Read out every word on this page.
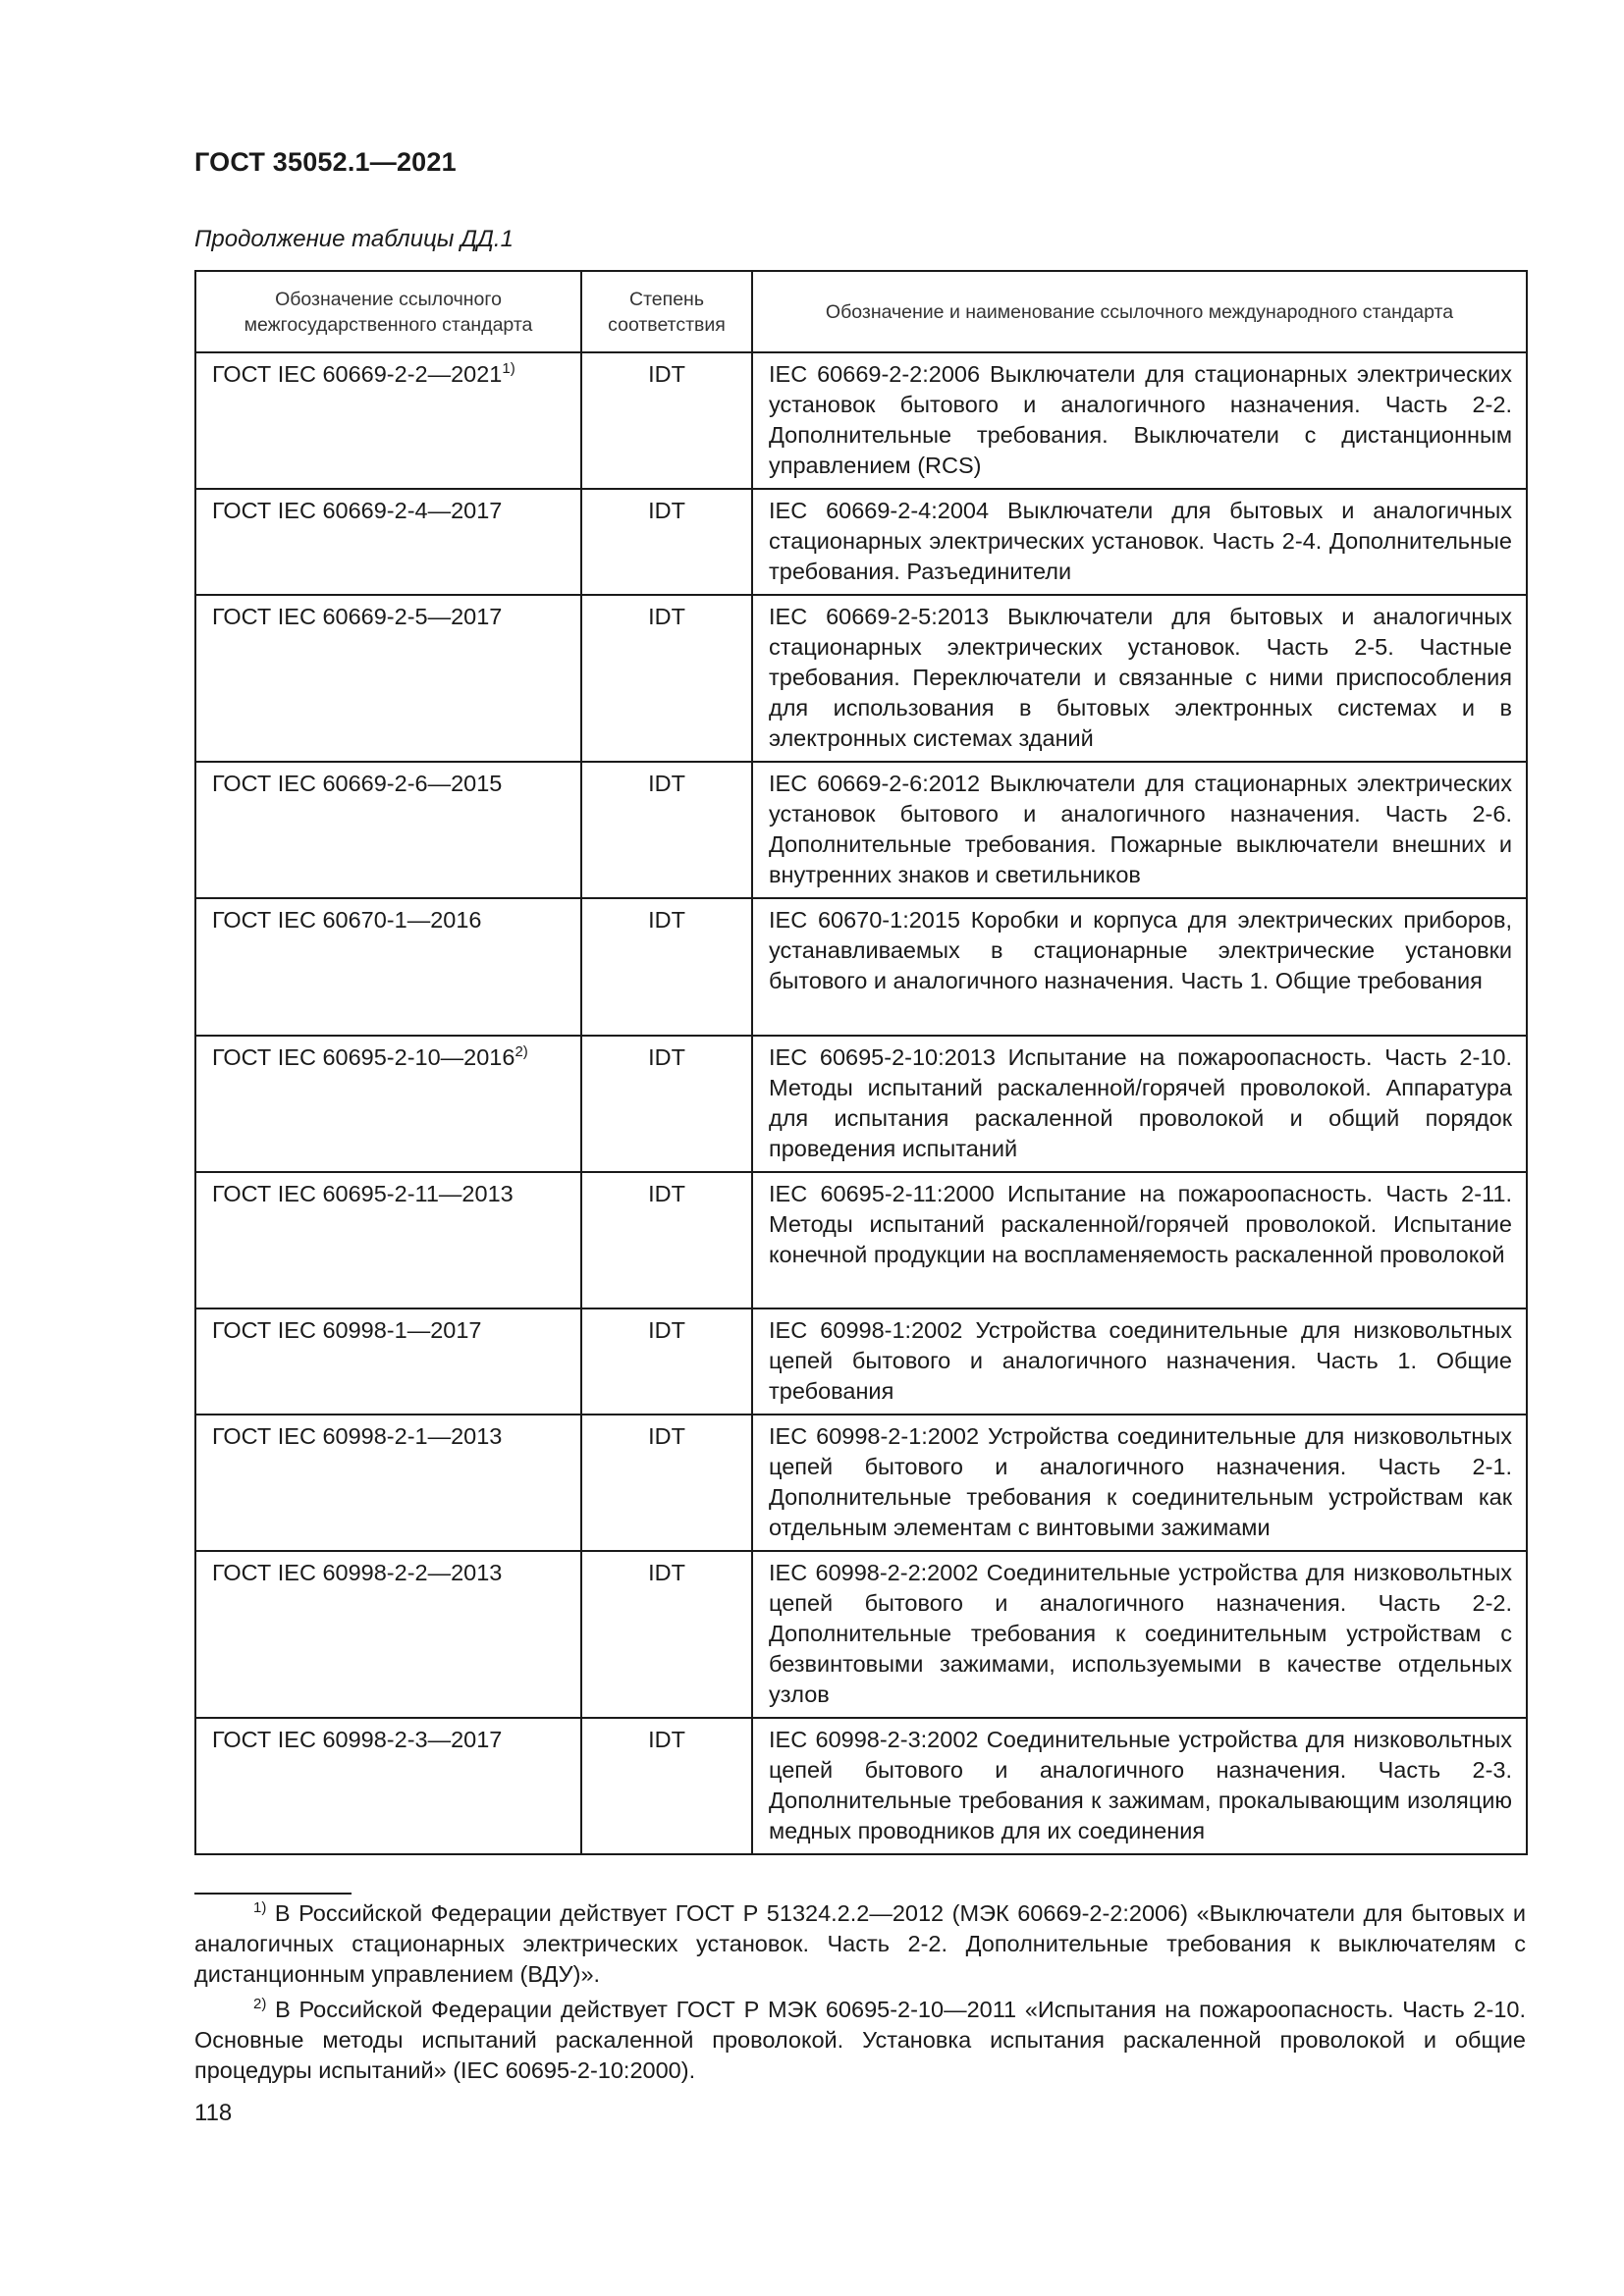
ГОСТ 35052.1—2021
Продолжение таблицы ДД.1
Обозначение ссылочного межгосударственного стандарта	Степень соответствия	Обозначение и наименование ссылочного международного стандарта
ГОСТ IEC 60669-2-2—2021$^{1)}$	IDT	IEC 60669-2-2:2006 Выключатели для стационарных электрических установок бытового и аналогичного назначения. Часть 2-2. Дополнительные требования. Выключатели с дистанционным управлением (RCS)
ГОСТ IEC 60669-2-4—2017	IDT	IEC 60669-2-4:2004 Выключатели для бытовых и аналогичных стационарных электрических установок. Часть 2-4. Дополнительные требования. Разъединители
ГОСТ IEC 60669-2-5—2017	IDT	IEC 60669-2-5:2013 Выключатели для бытовых и аналогичных стационарных электрических установок. Часть 2-5. Частные требования. Переключатели и связанные с ними приспособления для использования в бытовых электронных системах и в электронных системах зданий
ГОСТ IEC 60669-2-6—2015	IDT	IEC 60669-2-6:2012 Выключатели для стационарных электрических установок бытового и аналогичного назначения. Часть 2-6. Дополнительные требования. Пожарные выключатели внешних и внутренних знаков и светильников
ГОСТ IEC 60670-1—2016	IDT	IEC 60670-1:2015 Коробки и корпуса для электрических приборов, устанавливаемых в стационарные электрические установки бытового и аналогичного назначения. Часть 1. Общие требования
ГОСТ IEC 60695-2-10—2016$^{2)}$	IDT	IEC 60695-2-10:2013 Испытание на пожароопасность. Часть 2-10. Методы испытаний раскаленной/горячей проволокой. Аппаратура для испытания раскаленной проволокой и общий порядок проведения испытаний
ГОСТ IEC 60695-2-11—2013	IDT	IEC 60695-2-11:2000 Испытание на пожароопасность. Часть 2-11. Методы испытаний раскаленной/горячей проволокой. Испытание конечной продукции на воспламеняемость раскаленной проволокой
ГОСТ IEC 60998-1—2017	IDT	IEC 60998-1:2002 Устройства соединительные для низковольтных цепей бытового и аналогичного назначения. Часть 1. Общие требования
ГОСТ IEC 60998-2-1—2013	IDT	IEC 60998-2-1:2002 Устройства соединительные для низковольтных цепей бытового и аналогичного назначения. Часть 2-1. Дополнительные требования к соединительным устройствам как отдельным элементам с винтовыми зажимами
ГОСТ IEC 60998-2-2—2013	IDT	IEC 60998-2-2:2002 Соединительные устройства для низковольтных цепей бытового и аналогичного назначения. Часть 2-2. Дополнительные требования к соединительным устройствам с безвинтовыми зажимами, используемыми в качестве отдельных узлов
ГОСТ IEC 60998-2-3—2017	IDT	IEC 60998-2-3:2002 Соединительные устройства для низковольтных цепей бытового и аналогичного назначения. Часть 2-3. Дополнительные требования к зажимам, прокалывающим изоляцию медных проводников для их соединения
$^{1)}$ В Российской Федерации действует ГОСТ Р 51324.2.2—2012 (МЭК 60669-2-2:2006) «Выключатели для бытовых и аналогичных стационарных электрических установок. Часть 2-2. Дополнительные требования к выключателям с дистанционным управлением (ВДУ)».
$^{2)}$ В Российской Федерации действует ГОСТ Р МЭК 60695-2-10—2011 «Испытания на пожароопасность. Часть 2-10. Основные методы испытаний раскаленной проволокой. Установка испытания раскаленной проволокой и общие процедуры испытаний» (IEC 60695-2-10:2000).
118
